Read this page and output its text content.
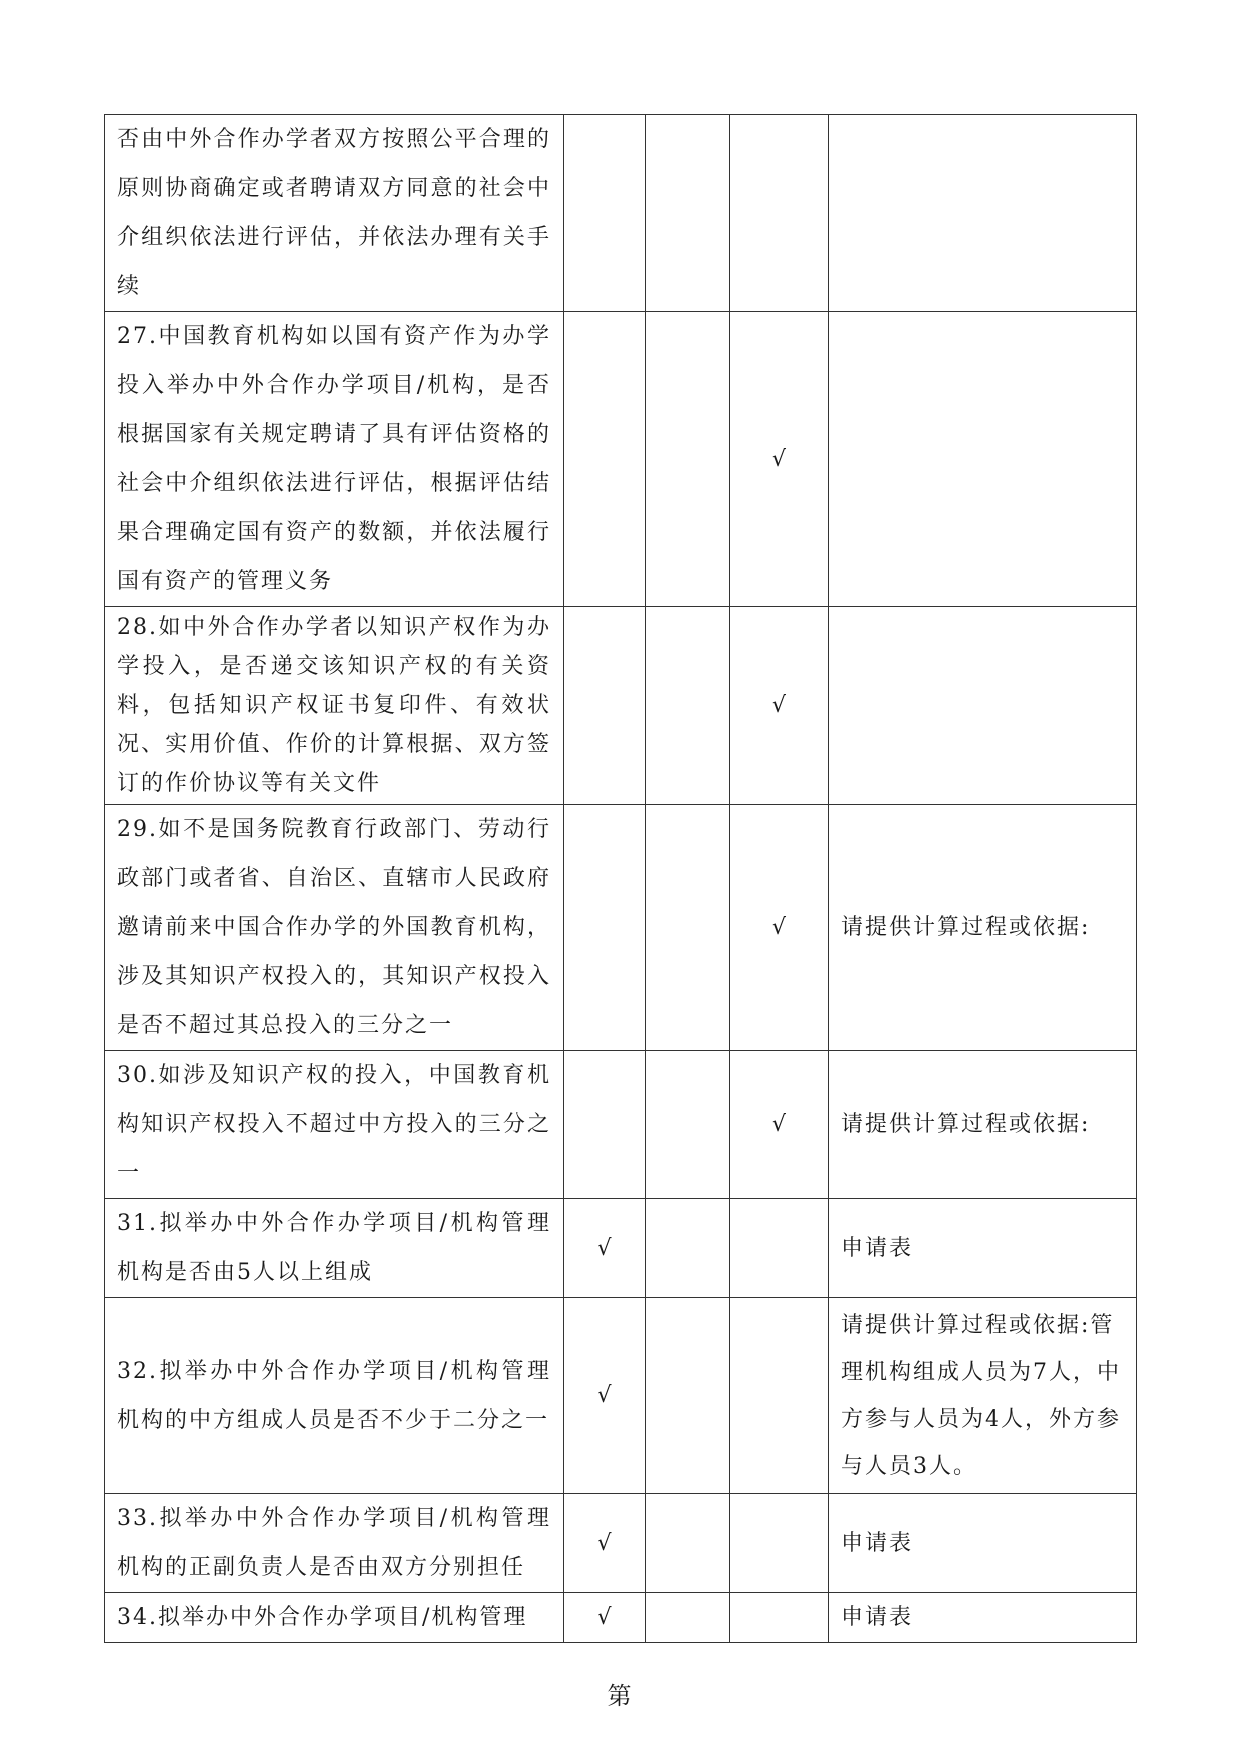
否由中外合作办学者双方按照公平合理的原则协商确定或者聘请双方同意的社会中介组织依法进行评估，并依法办理有关手续				
27.中国教育机构如以国有资产作为办学投入举办中外合作办学项目/机构，是否根据国家有关规定聘请了具有评估资格的社会中介组织依法进行评估，根据评估结果合理确定国有资产的数额，并依法履行国有资产的管理义务			√	
28.如中外合作办学者以知识产权作为办学投入，是否递交该知识产权的有关资料，包括知识产权证书复印件、有效状况、实用价值、作价的计算根据、双方签订的作价协议等有关文件			√	
29.如不是国务院教育行政部门、劳动行政部门或者省、自治区、直辖市人民政府邀请前来中国合作办学的外国教育机构，涉及其知识产权投入的，其知识产权投入是否不超过其总投入的三分之一			√	请提供计算过程或依据:
30.如涉及知识产权的投入，中国教育机构知识产权投入不超过中方投入的三分之一			√	请提供计算过程或依据:
31.拟举办中外合作办学项目/机构管理机构是否由5人以上组成	√			申请表
32.拟举办中外合作办学项目/机构管理机构的中方组成人员是否不少于二分之一	√			请提供计算过程或依据:管理机构组成人员为7人，中方参与人员为4人，外方参与人员3人。
33.拟举办中外合作办学项目/机构管理机构的正副负责人是否由双方分别担任	√			申请表
34.拟举办中外合作办学项目/机构管理	√			申请表
第
